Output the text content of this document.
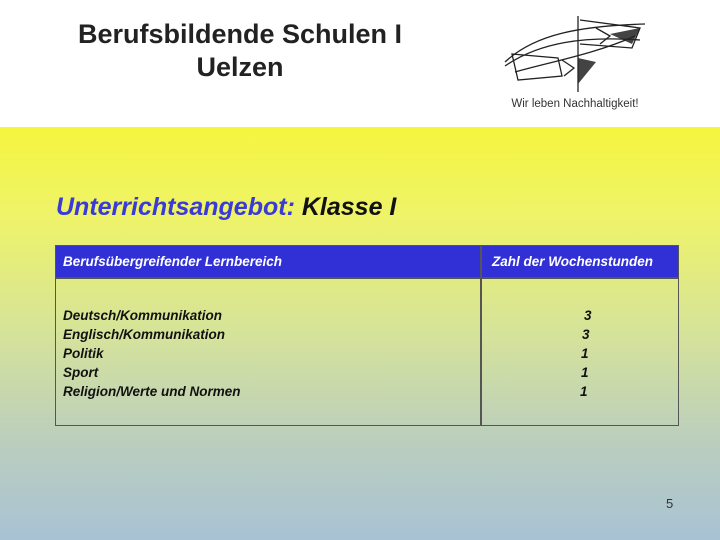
Berufsbildende Schulen I
Uelzen
Wir leben Nachhaltigkeit!
Unterrichtsangebot: Klasse I
Berufsübergreifender Lernbereich	Zahl der Wochenstunden
Deutsch/Kommunikation
Englisch/Kommunikation
Politik
Sport
Religion/Werte und Normen
3
3
1
1
1
5
